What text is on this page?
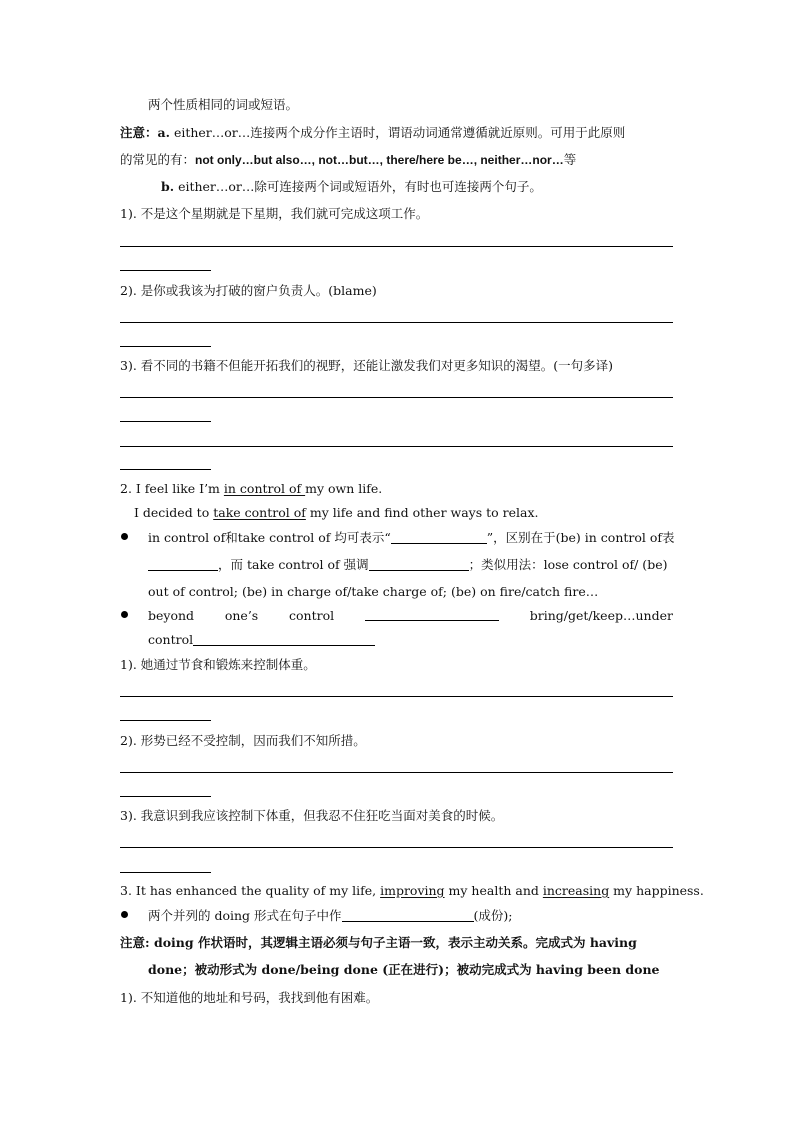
两个性质相同的词或短语。
注意：a. either…or…连接两个成分作主语时，谓语动词通常遵循就近原则。可用于此原则
的常见的有：not only…but also…, not…but…, there/here be…, neither…nor…等
b. either…or…除可连接两个词或短语外，有时也可连接两个句子。
1). 不是这个星期就是下星期，我们就可完成这项工作。
2). 是你或我该为打破的窗户负责人。(blame)
3). 看不同的书籍不但能开拓我们的视野，还能让激发我们对更多知识的渴望。(一句多译)
2. I feel like I’m in control of my own life.
I decided to take control of my life and find other ways to relax.
in control of和take control of 均可表示“	”，区别在于(be) in control of表
，而 take control of 强调	；类似用法：lose control of/ (be)
out of control; (be) in charge of/take charge of; (be) on fire/catch fire…
beyond one’s control	bring/get/keep…under
control
1). 她通过节食和锻炼来控制体重。
2). 形势已经不受控制，因而我们不知所措。
3). 我意识到我应该控制下体重，但我忍不住狂吃当面对美食的时候。
3. It has enhanced the quality of my life, improving my health and increasing my happiness.
两个并列的 doing 形式在句子中作	(成份);
注意: doing 作状语时，其逻辑主语必须与句子主语一致，表示主动关系。完成式为 having
done；被动形式为 done/being done (正在进行)；被动完成式为 having been done
1). 不知道他的地址和号码，我找到他有困难。
